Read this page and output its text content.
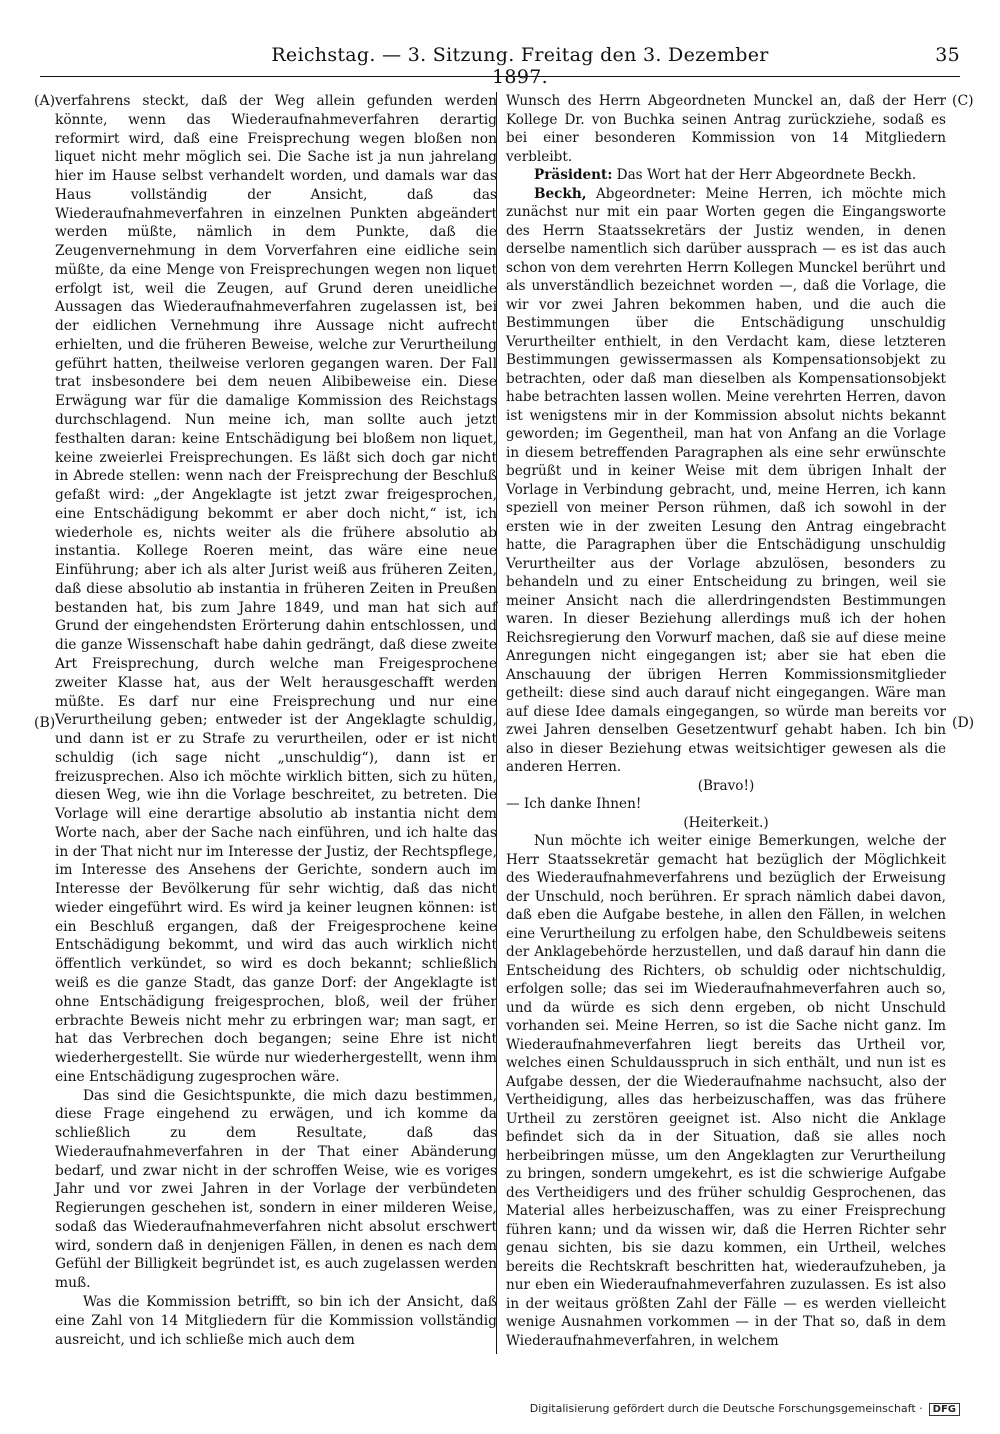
Reichstag. — 3. Sitzung. Freitag den 3. Dezember 1897.
35
(A)
(B)
(C)
(D)

verfahrens steckt, daß der Weg allein gefunden werden könnte, wenn das Wiederaufnahmeverfahren derartig reformirt wird, daß eine Freisprechung wegen bloßen non liquet nicht mehr möglich sei. Die Sache ist ja nun jahrelang hier im Hause selbst verhandelt worden, und damals war das Haus vollständig der Ansicht, daß das Wiederaufnahmeverfahren in einzelnen Punkten abgeändert werden müßte, nämlich in dem Punkte, daß die Zeugenvernehmung in dem Vorverfahren eine eidliche sein müßte, da eine Menge von Freisprechungen wegen non liquet erfolgt ist, weil die Zeugen, auf Grund deren uneidliche Aussagen das Wiederaufnahmeverfahren zugelassen ist, bei der eidlichen Vernehmung ihre Aussage nicht aufrecht erhielten, und die früheren Beweise, welche zur Verurtheilung geführt hatten, theilweise verloren gegangen waren. Der Fall trat insbesondere bei dem neuen Alibibeweise ein. Diese Erwägung war für die damalige Kommission des Reichstags durchschlagend. Nun meine ich, man sollte auch jetzt festhalten daran: keine Entschädigung bei bloßem non liquet, keine zweierlei Freisprechungen. Es läßt sich doch gar nicht in Abrede stellen: wenn nach der Freisprechung der Beschluß gefaßt wird: „der Angeklagte ist jetzt zwar freigesprochen, eine Entschädigung bekommt er aber doch nicht,“ ist, ich wiederhole es, nichts weiter als die frühere absolutio ab instantia. Kollege Roeren meint, das wäre eine neue Einführung; aber ich als alter Jurist weiß aus früheren Zeiten, daß diese absolutio ab instantia in früheren Zeiten in Preußen bestanden hat, bis zum Jahre 1849, und man hat sich auf Grund der eingehendsten Erörterung dahin entschlossen, und die ganze Wissenschaft habe dahin gedrängt, daß diese zweite Art Freisprechung, durch welche man Freigesprochene zweiter Klasse hat, aus der Welt herausgeschafft werden müßte. Es darf nur eine Freisprechung und nur eine Verurtheilung geben; entweder ist der Angeklagte schuldig, und dann ist er zu Strafe zu verurtheilen, oder er ist nicht schuldig (ich sage nicht „unschuldig“), dann ist er freizusprechen. Also ich möchte wirklich bitten, sich zu hüten, diesen Weg, wie ihn die Vorlage beschreitet, zu betreten. Die Vorlage will eine derartige absolutio ab instantia nicht dem Worte nach, aber der Sache nach einführen, und ich halte das in der That nicht nur im Interesse der Justiz, der Rechtspflege, im Interesse des Ansehens der Gerichte, sondern auch im Interesse der Bevölkerung für sehr wichtig, daß das nicht wieder eingeführt wird. Es wird ja keiner leugnen können: ist ein Beschluß ergangen, daß der Freigesprochene keine Entschädigung bekommt, und wird das auch wirklich nicht öffentlich verkündet, so wird es doch bekannt; schließlich weiß es die ganze Stadt, das ganze Dorf: der Angeklagte ist ohne Entschädigung freigesprochen, bloß, weil der früher erbrachte Beweis nicht mehr zu erbringen war; man sagt, er hat das Verbrechen doch begangen; seine Ehre ist nicht wiederhergestellt. Sie würde nur wiederhergestellt, wenn ihm eine Entschädigung zugesprochen wäre.

Das sind die Gesichtspunkte, die mich dazu bestimmen, diese Frage eingehend zu erwägen, und ich komme da schließlich zu dem Resultate, daß das Wiederaufnahmeverfahren in der That einer Abänderung bedarf, und zwar nicht in der schroffen Weise, wie es voriges Jahr und vor zwei Jahren in der Vorlage der verbündeten Regierungen geschehen ist, sondern in einer milderen Weise, sodaß das Wiederaufnahmeverfahren nicht absolut erschwert wird, sondern daß in denjenigen Fällen, in denen es nach dem Gefühl der Billigkeit begründet ist, es auch zugelassen werden muß.

Was die Kommission betrifft, so bin ich der Ansicht, daß eine Zahl von 14 Mitgliedern für die Kommission vollständig ausreicht, und ich schließe mich auch dem

Wunsch des Herrn Abgeordneten Munckel an, daß der Herr Kollege Dr. von Buchka seinen Antrag zurückziehe, sodaß es bei einer besonderen Kommission von 14 Mitgliedern verbleibt.

Präsident: Das Wort hat der Herr Abgeordnete Beckh.

Beckh, Abgeordneter: Meine Herren, ich möchte mich zunächst nur mit ein paar Worten gegen die Eingangsworte des Herrn Staatssekretärs der Justiz wenden, in denen derselbe namentlich sich darüber aussprach — es ist das auch schon von dem verehrten Herrn Kollegen Munckel berührt und als unverständlich bezeichnet worden —, daß die Vorlage, die wir vor zwei Jahren bekommen haben, und die auch die Bestimmungen über die Entschädigung unschuldig Verurtheilter enthielt, in den Verdacht kam, diese letzteren Bestimmungen gewissermassen als Kompensationsobjekt zu betrachten, oder daß man dieselben als Kompensationsobjekt habe betrachten lassen wollen. Meine verehrten Herren, davon ist wenigstens mir in der Kommission absolut nichts bekannt geworden; im Gegentheil, man hat von Anfang an die Vorlage in diesem betreffenden Paragraphen als eine sehr erwünschte begrüßt und in keiner Weise mit dem übrigen Inhalt der Vorlage in Verbindung gebracht, und, meine Herren, ich kann speziell von meiner Person rühmen, daß ich sowohl in der ersten wie in der zweiten Lesung den Antrag eingebracht hatte, die Paragraphen über die Entschädigung unschuldig Verurtheilter aus der Vorlage abzulösen, besonders zu behandeln und zu einer Entscheidung zu bringen, weil sie meiner Ansicht nach die allerdringendsten Bestimmungen waren. In dieser Beziehung allerdings muß ich der hohen Reichsregierung den Vorwurf machen, daß sie auf diese meine Anregungen nicht eingegangen ist; aber sie hat eben die Anschauung der übrigen Herren Kommissionsmitglieder getheilt: diese sind auch darauf nicht eingegangen. Wäre man auf diese Idee damals eingegangen, so würde man bereits vor zwei Jahren denselben Gesetzentwurf gehabt haben. Ich bin also in dieser Beziehung etwas weitsichtiger gewesen als die anderen Herren.

(Bravo!)

— Ich danke Ihnen!

(Heiterkeit.)

Nun möchte ich weiter einige Bemerkungen, welche der Herr Staatssekretär gemacht hat bezüglich der Möglichkeit des Wiederaufnahmeverfahrens und bezüglich der Erweisung der Unschuld, noch berühren. Er sprach nämlich dabei davon, daß eben die Aufgabe bestehe, in allen den Fällen, in welchen eine Verurtheilung zu erfolgen habe, den Schuldbeweis seitens der Anklagebehörde herzustellen, und daß darauf hin dann die Entscheidung des Richters, ob schuldig oder nichtschuldig, erfolgen solle; das sei im Wiederaufnahmeverfahren auch so, und da würde es sich denn ergeben, ob nicht Unschuld vorhanden sei. Meine Herren, so ist die Sache nicht ganz. Im Wiederaufnahmeverfahren liegt bereits das Urtheil vor, welches einen Schuldausspruch in sich enthält, und nun ist es Aufgabe dessen, der die Wiederaufnahme nachsucht, also der Vertheidigung, alles das herbeizuschaffen, was das frühere Urtheil zu zerstören geeignet ist. Also nicht die Anklage befindet sich da in der Situation, daß sie alles noch herbeibringen müsse, um den Angeklagten zur Verurtheilung zu bringen, sondern umgekehrt, es ist die schwierige Aufgabe des Vertheidigers und des früher schuldig Gesprochenen, das Material alles herbeizuschaffen, was zu einer Freisprechung führen kann; und da wissen wir, daß die Herren Richter sehr genau sichten, bis sie dazu kommen, ein Urtheil, welches bereits die Rechtskraft beschritten hat, wiederaufzuheben, ja nur eben ein Wiederaufnahmeverfahren zuzulassen. Es ist also in der weitaus größten Zahl der Fälle — es werden vielleicht wenige Ausnahmen vorkommen — in der That so, daß in dem Wiederaufnahmeverfahren, in welchem

Digitalisierung gefördert durch die Deutsche Forschungsgemeinschaft · DFG
